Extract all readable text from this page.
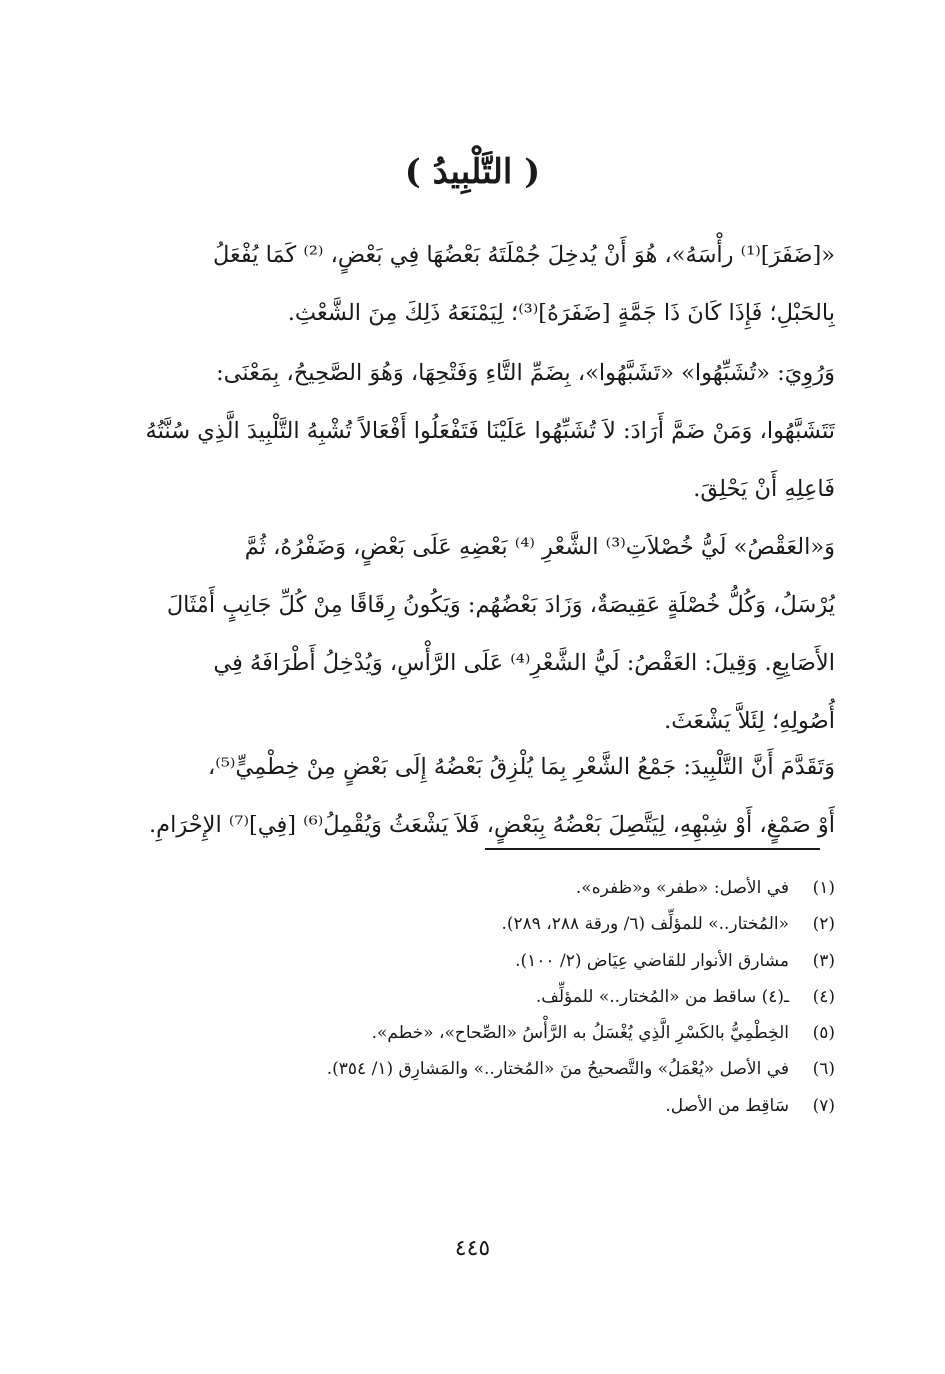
( التَّلْبِيدُ )
«[ضَفَرَ]⁽¹⁾ رأْسَهُ»، هُوَ أَنْ يُدخِلَ جُمْلَتَهُ بَعْضُهَا فِي بَعْضٍ، ⁽²⁾ كَمَا يُفْعَلُ
بِالحَبْلِ؛ فَإِذَا كَانَ ذَا جَمَّةٍ [ضَفَرَهُ]⁽³⁾؛ لِيَمْنَعَهُ ذَلِكَ مِنَ الشَّعْثِ.
وَرُوِيَ: «تُشَبِّهُوا» «تَشَبَّهُوا»، بِضَمِّ التَّاءِ وَفَتْحِهَا، وَهُوَ الصَّحِيحُ، بِمَعْنَى:
تَتَشَبَّهُوا، وَمَنْ ضَمَّ أَرَادَ: لاَ تُشَبِّهُوا عَلَيْنَا فَتَفْعَلُوا أَفْعَالاً تُشْبِهُ التَّلْبِيدَ الَّذِي سُنَّتُهُ
فَاعِلِهِ أَنْ يَحْلِقَ.
وَ«العَقْصُ» لَيُّ خُصْلاَتِ⁽³⁾ الشَّعْرِ ⁽⁴⁾ بَعْضِهِ عَلَى بَعْضٍ، وَضَفْرُهُ، ثُمَّ
يُرْسَلُ، وَكُلُّ خُصْلَةٍ عَقِيصَةٌ، وَزَادَ بَعْضُهُم: وَيَكُونُ رِقَاقًا مِنْ كُلِّ جَانِبٍ أَمْثَالَ
الأَصَابِعِ. وَقِيلَ: العَقْصُ: لَيُّ الشَّعْرِ⁽⁴⁾ عَلَى الرَّأْسِ، وَيُدْخِلُ أَطْرَافَهُ فِي
أُصُولِهِ؛ لِئَلاَّ يَشْعَثَ.
وَتَقَدَّمَ أَنَّ التَّلْبِيدَ: جَمْعُ الشَّعْرِ بِمَا يُلْزِقُ بَعْضُهُ إِلَى بَعْضٍ مِنْ خِطْمِيٍّ⁽⁵⁾،
أَوْ صَمْغٍ، أَوْ شِبْهِهِ، لِيَتَّصِلَ بَعْضُهُ بِبَعْضٍ، فَلاَ يَشْعَثُ وَيُقْمِلُ⁽⁶⁾ [فِي]⁽⁷⁾ الإِحْرَامِ.
(١)
في الأصل: «طفر» و«ظفره».
(٢)
«المُختار..» للمؤلِّف (٦/ ورقة ٢٨٨، ٢٨٩).
(٣)
مشارق الأنوار للقاضي عِيَاض (٢/ ١٠٠).
(٤)
ـ(٤) ساقط من «المُختار..» للمؤلِّف.
(٥)
الخِطْمِيُّ بالكَسْرِ الَّذِي يُغْسَلُ به الرَّأْسُ «الصِّحاح»، «خطم».
(٦)
في الأصل «يُعْمَلُ» والتَّصحيحُ منَ «المُختار..» والمَشارِق (١/ ٣٥٤).
(٧)
سَاقِط من الأصل.
٤٤٥
